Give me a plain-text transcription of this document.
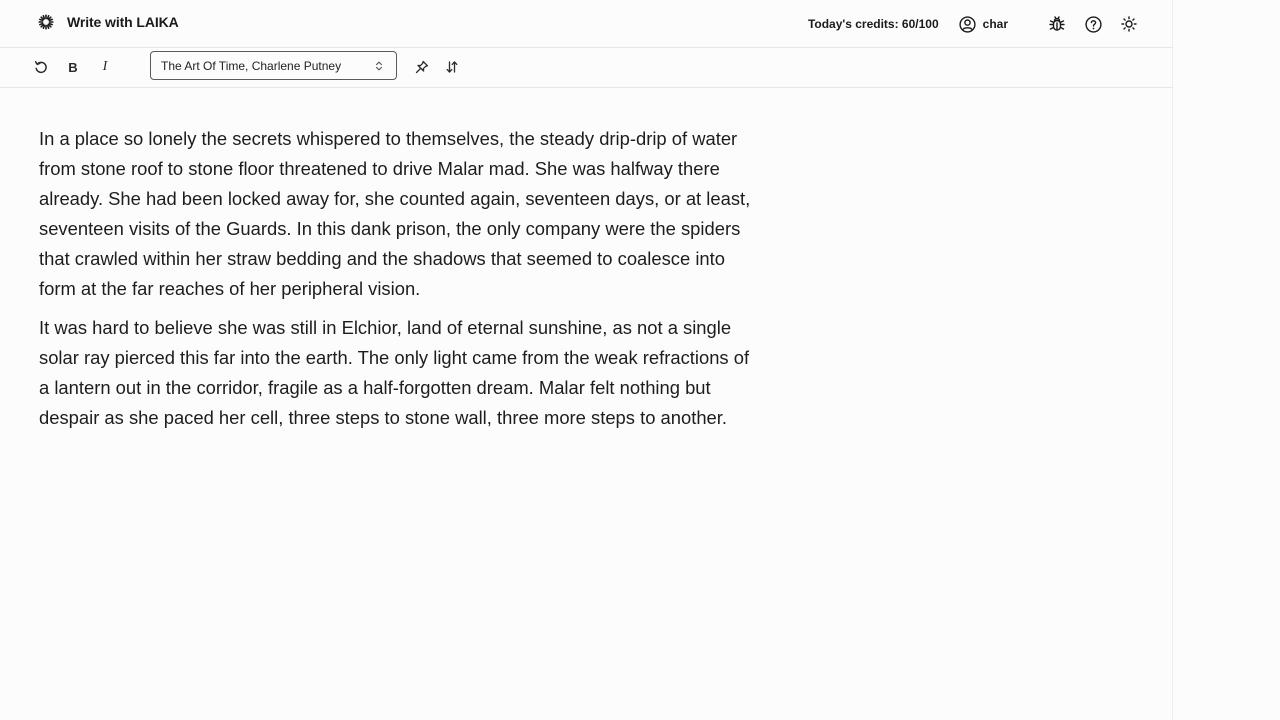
Write with LAIKA	Today's credits: 60/100	char
B	I	The Art Of Time, Charlene Putney

In a place so lonely the secrets whispered to themselves, the steady drip-drip of water from stone roof to stone floor threatened to drive Malar mad. She was halfway there already. She had been locked away for, she counted again, seventeen days, or at least, seventeen visits of the Guards. In this dank prison, the only company were the spiders that crawled within her straw bedding and the shadows that seemed to coalesce into form at the far reaches of her peripheral vision.

It was hard to believe she was still in Elchior, land of eternal sunshine, as not a single solar ray pierced this far into the earth. The only light came from the weak refractions of a lantern out in the corridor, fragile as a half-forgotten dream. Malar felt nothing but despair as she paced her cell, three steps to stone wall, three more steps to another.
